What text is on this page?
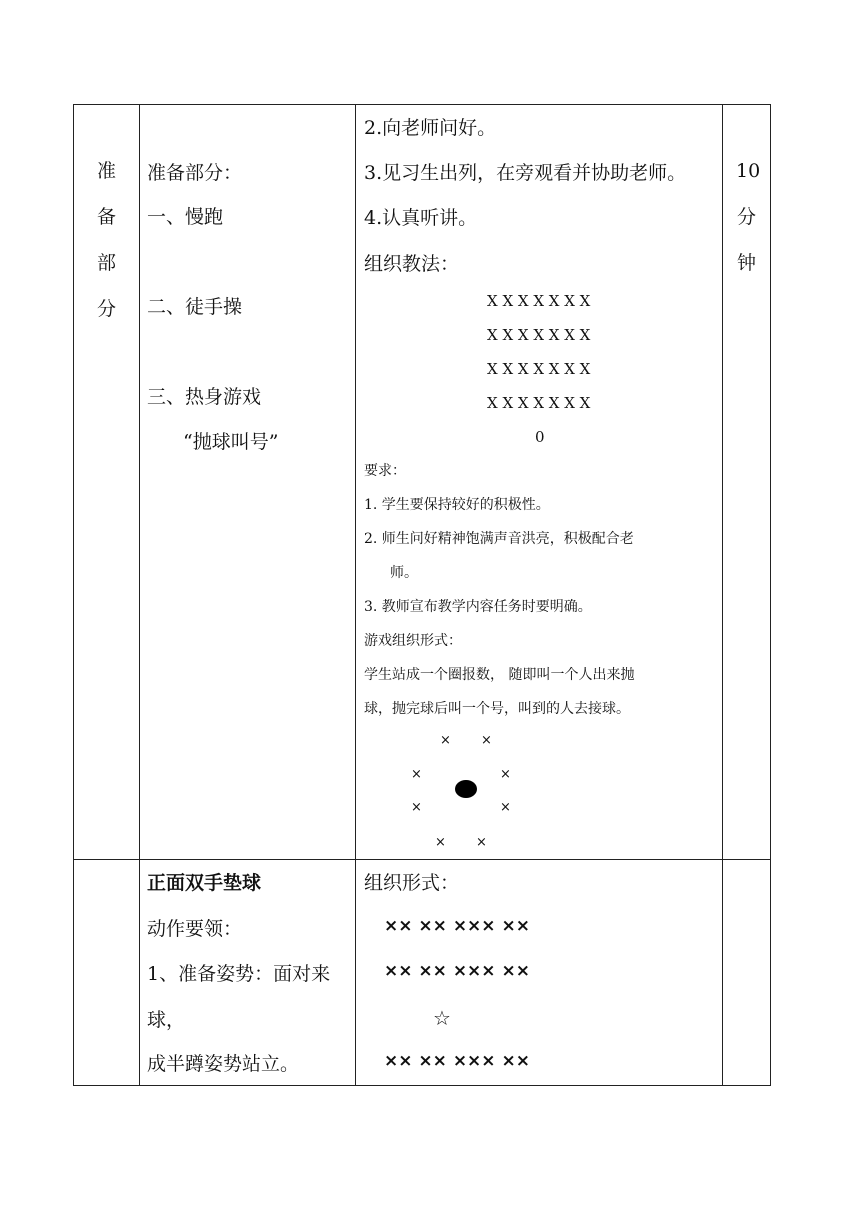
准
备
部
分
准备部分：
一、慢跑
二、徒手操
三、热身游戏
“抛球叫号”
2.向老师问好。
3.见习生出列，在旁观看并协助老师。
4.认真听讲。
组织教法：
X X X X X X X
X X X X X X X
X X X X X X X
X X X X X X X
0
要求：
1. 学生要保持较好的积极性。
2. 师生问好精神饱满声音洪亮，积极配合老
师。
3. 教师宣布教学内容任务时要明确。
游戏组织形式：
学生站成一个圈报数， 随即叫一个人出来抛
球，抛完球后叫一个号，叫到的人去接球。
× ×
×	×
×	×
× ×
10
分
钟
正面双手垫球
动作要领：
1、准备姿势：面对来
球，
成半蹲姿势站立。
组织形式：
×× ×× ××× ××
×× ×× ××× ××
☆
×× ×× ××× ××
